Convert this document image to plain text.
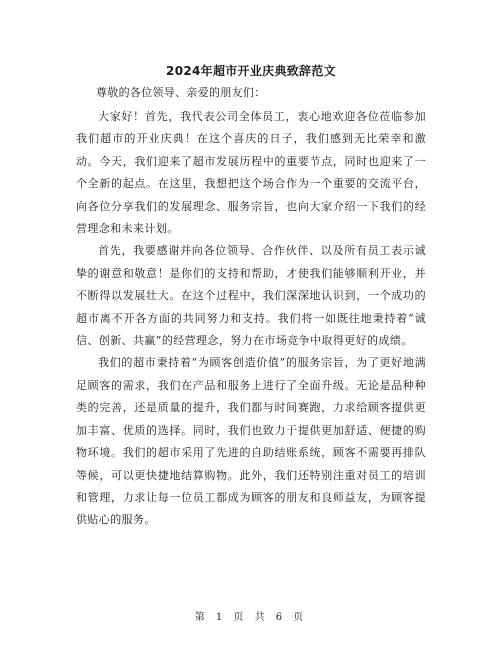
2024年超市开业庆典致辞范文
尊敬的各位领导、亲爱的朋友们：

大家好！首先，我代表公司全体员工，衷心地欢迎各位莅临参加我们超市的开业庆典！在这个喜庆的日子，我们感到无比荣幸和激动。今天，我们迎来了超市发展历程中的重要节点，同时也迎来了一个全新的起点。在这里，我想把这个场合作为一个重要的交流平台，向各位分享我们的发展理念、服务宗旨，也向大家介绍一下我们的经营理念和未来计划。

首先，我要感谢并向各位领导、合作伙伴、以及所有员工表示诚挚的谢意和敬意！是你们的支持和帮助，才使我们能够顺利开业，并不断得以发展壮大。在这个过程中，我们深深地认识到，一个成功的超市离不开各方面的共同努力和支持。我们将一如既往地秉持着“诚信、创新、共赢”的经营理念，努力在市场竞争中取得更好的成绩。

我们的超市秉持着“为顾客创造价值”的服务宗旨，为了更好地满足顾客的需求，我们在产品和服务上进行了全面升级。无论是品种种类的完善，还是质量的提升，我们都与时间赛跑，力求给顾客提供更加丰富、优质的选择。同时，我们也致力于提供更加舒适、便捷的购物环境。我们的超市采用了先进的自助结账系统，顾客不需要再排队等候，可以更快捷地结算购物。此外，我们还特别注重对员工的培训和管理，力求让每一位员工都成为顾客的朋友和良师益友，为顾客提供贴心的服务。

第 1 页 共 6 页
